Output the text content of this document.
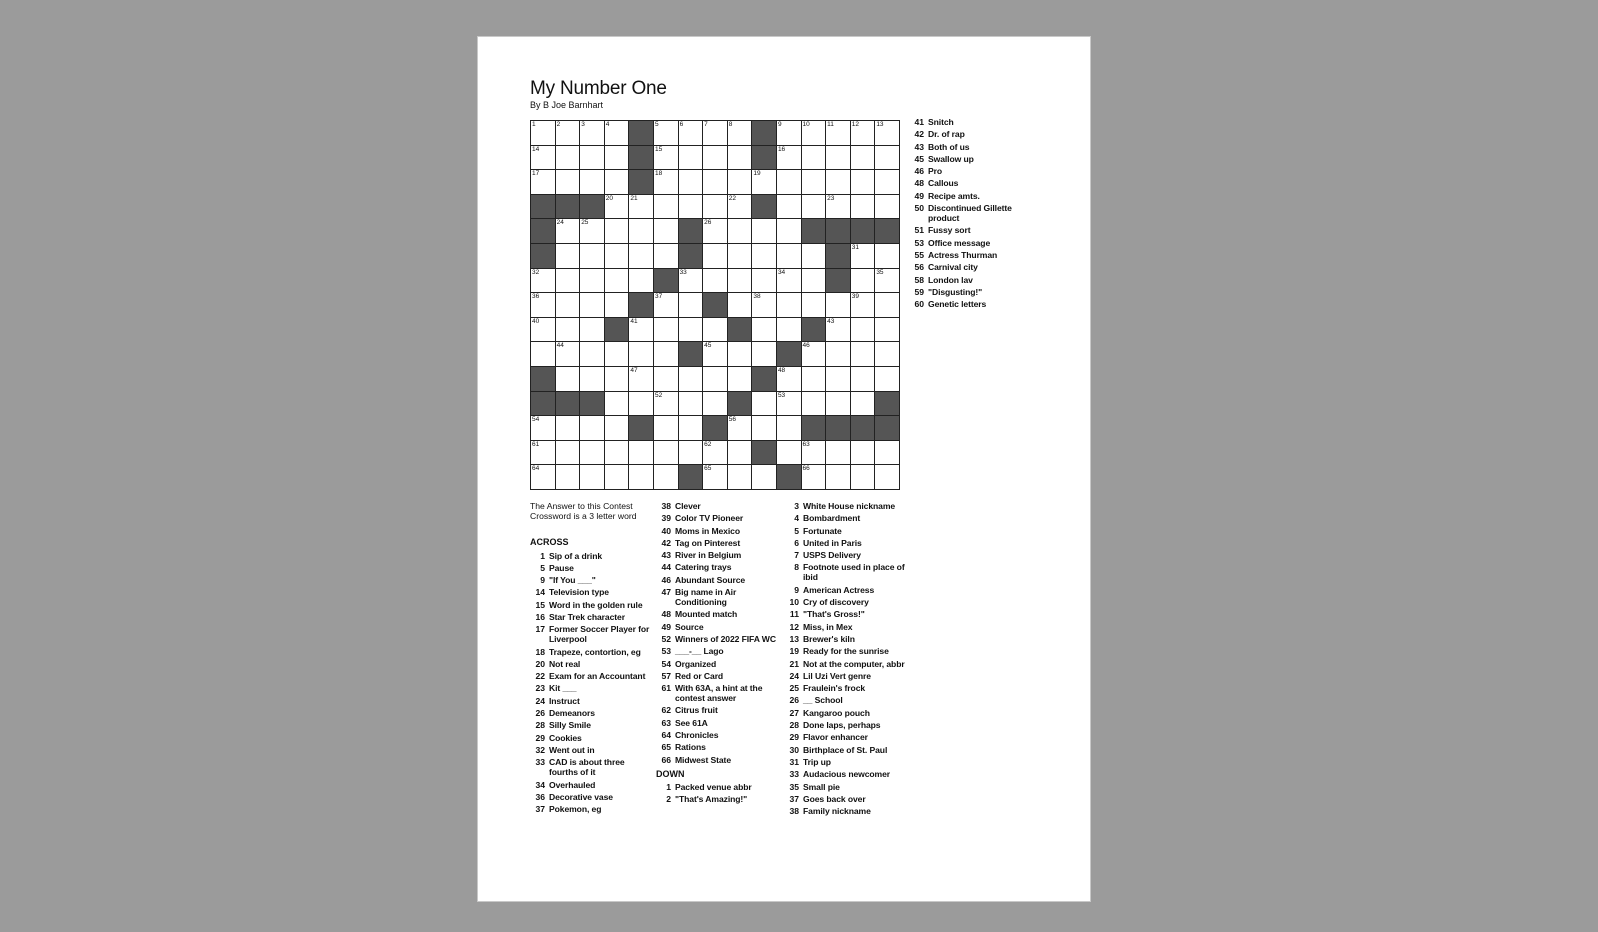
My Number One
By B Joe Barnhart
1	2	3	4	5	6	7	8	9	10	11	12	13
14	15	16
17	18	19
20	21	22	23
24	25	26
31
32	33	34	35
36	37	38	39
40	41	43
44	45	46
47	48
52	53
54	56
61	62	63
64	65	66
The Answer to this Contest Crossword is a 3 letter word
ACROSS
1 Sip of a drink
5 Pause
9 "If You ___"
14 Television type
15 Word in the golden rule
16 Star Trek character
17 Former Soccer Player for Liverpool
18 Trapeze, contortion, eg
20 Not real
22 Exam for an Accountant
23 Kit ___
24 Instruct
26 Demeanors
28 Silly Smile
29 Cookies
32 Went out in
33 CAD is about three fourths of it
34 Overhauled
36 Decorative vase
37 Pokemon, eg
38 Clever
39 Color TV Pioneer
40 Moms in Mexico
42 Tag on Pinterest
43 River in Belgium
44 Catering trays
46 Abundant Source
47 Big name in Air Conditioning
48 Mounted match
49 Source
52 Winners of 2022 FIFA WC
53 ___-__ Lago
54 Organized
57 Red or Card
61 With 63A, a hint at the contest answer
62 Citrus fruit
63 See 61A
64 Chronicles
65 Rations
66 Midwest State
DOWN
1 Packed venue abbr
2 "That's Amazing!"
3 White House nickname
4 Bombardment
5 Fortunate
6 United in Paris
7 USPS Delivery
8 Footnote used in place of ibid
9 American Actress
10 Cry of discovery
11 "That's Gross!"
12 Miss, in Mex
13 Brewer's kiln
19 Ready for the sunrise
21 Not at the computer, abbr
24 Lil Uzi Vert genre
25 Fraulein's frock
26 __ School
27 Kangaroo pouch
28 Done laps, perhaps
29 Flavor enhancer
30 Birthplace of St. Paul
31 Trip up
33 Audacious newcomer
35 Small pie
37 Goes back over
38 Family nickname
41 Snitch
42 Dr. of rap
43 Both of us
45 Swallow up
46 Pro
48 Callous
49 Recipe amts.
50 Discontinued Gillette product
51 Fussy sort
53 Office message
55 Actress Thurman
56 Carnival city
58 London lav
59 "Disgusting!"
60 Genetic letters
